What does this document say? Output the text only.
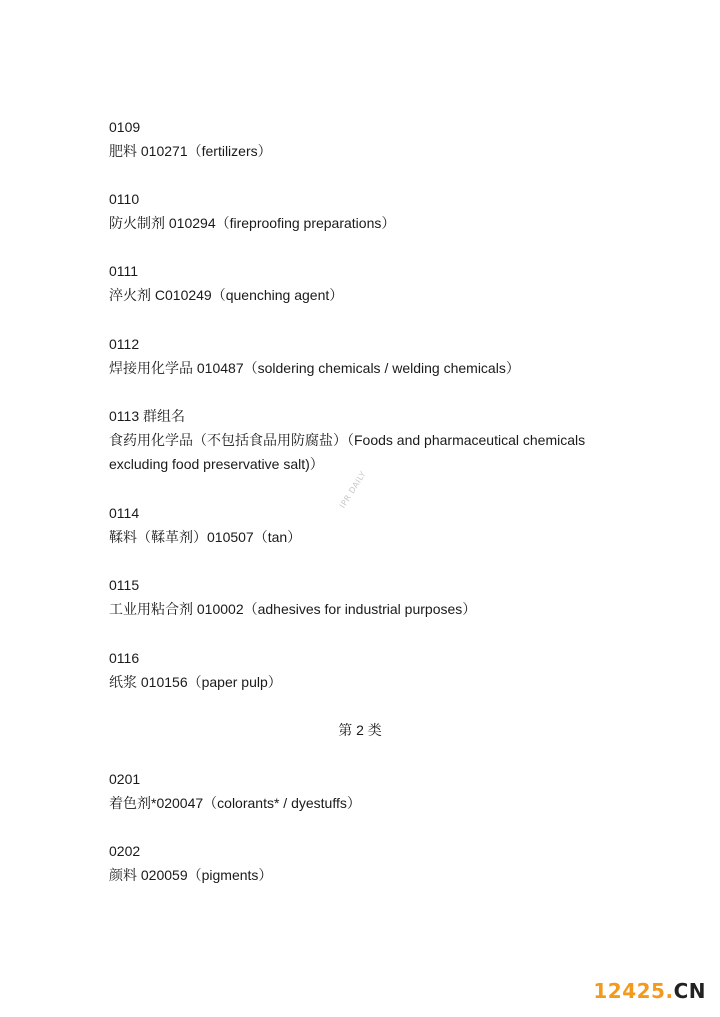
0109
肥料 010271（fertilizers）
0110
防火制剂 010294（fireproofing preparations）
0111
淬火剂 C010249（quenching agent）
0112
焊接用化学品 010487（soldering chemicals / welding chemicals）
0113 群组名
食药用化学品（不包括食品用防腐盐）（Foods and pharmaceutical chemicals
excluding food preservative salt)）
0114
鞣料（鞣革剂）010507（tan）
0115
工业用粘合剂 010002（adhesives for industrial purposes）
0116
纸浆 010156（paper pulp）
第 2 类
0201
着色剂*020047（colorants* / dyestuffs）
0202
颜料 020059（pigments）
IPR DAILY
12425.CN
